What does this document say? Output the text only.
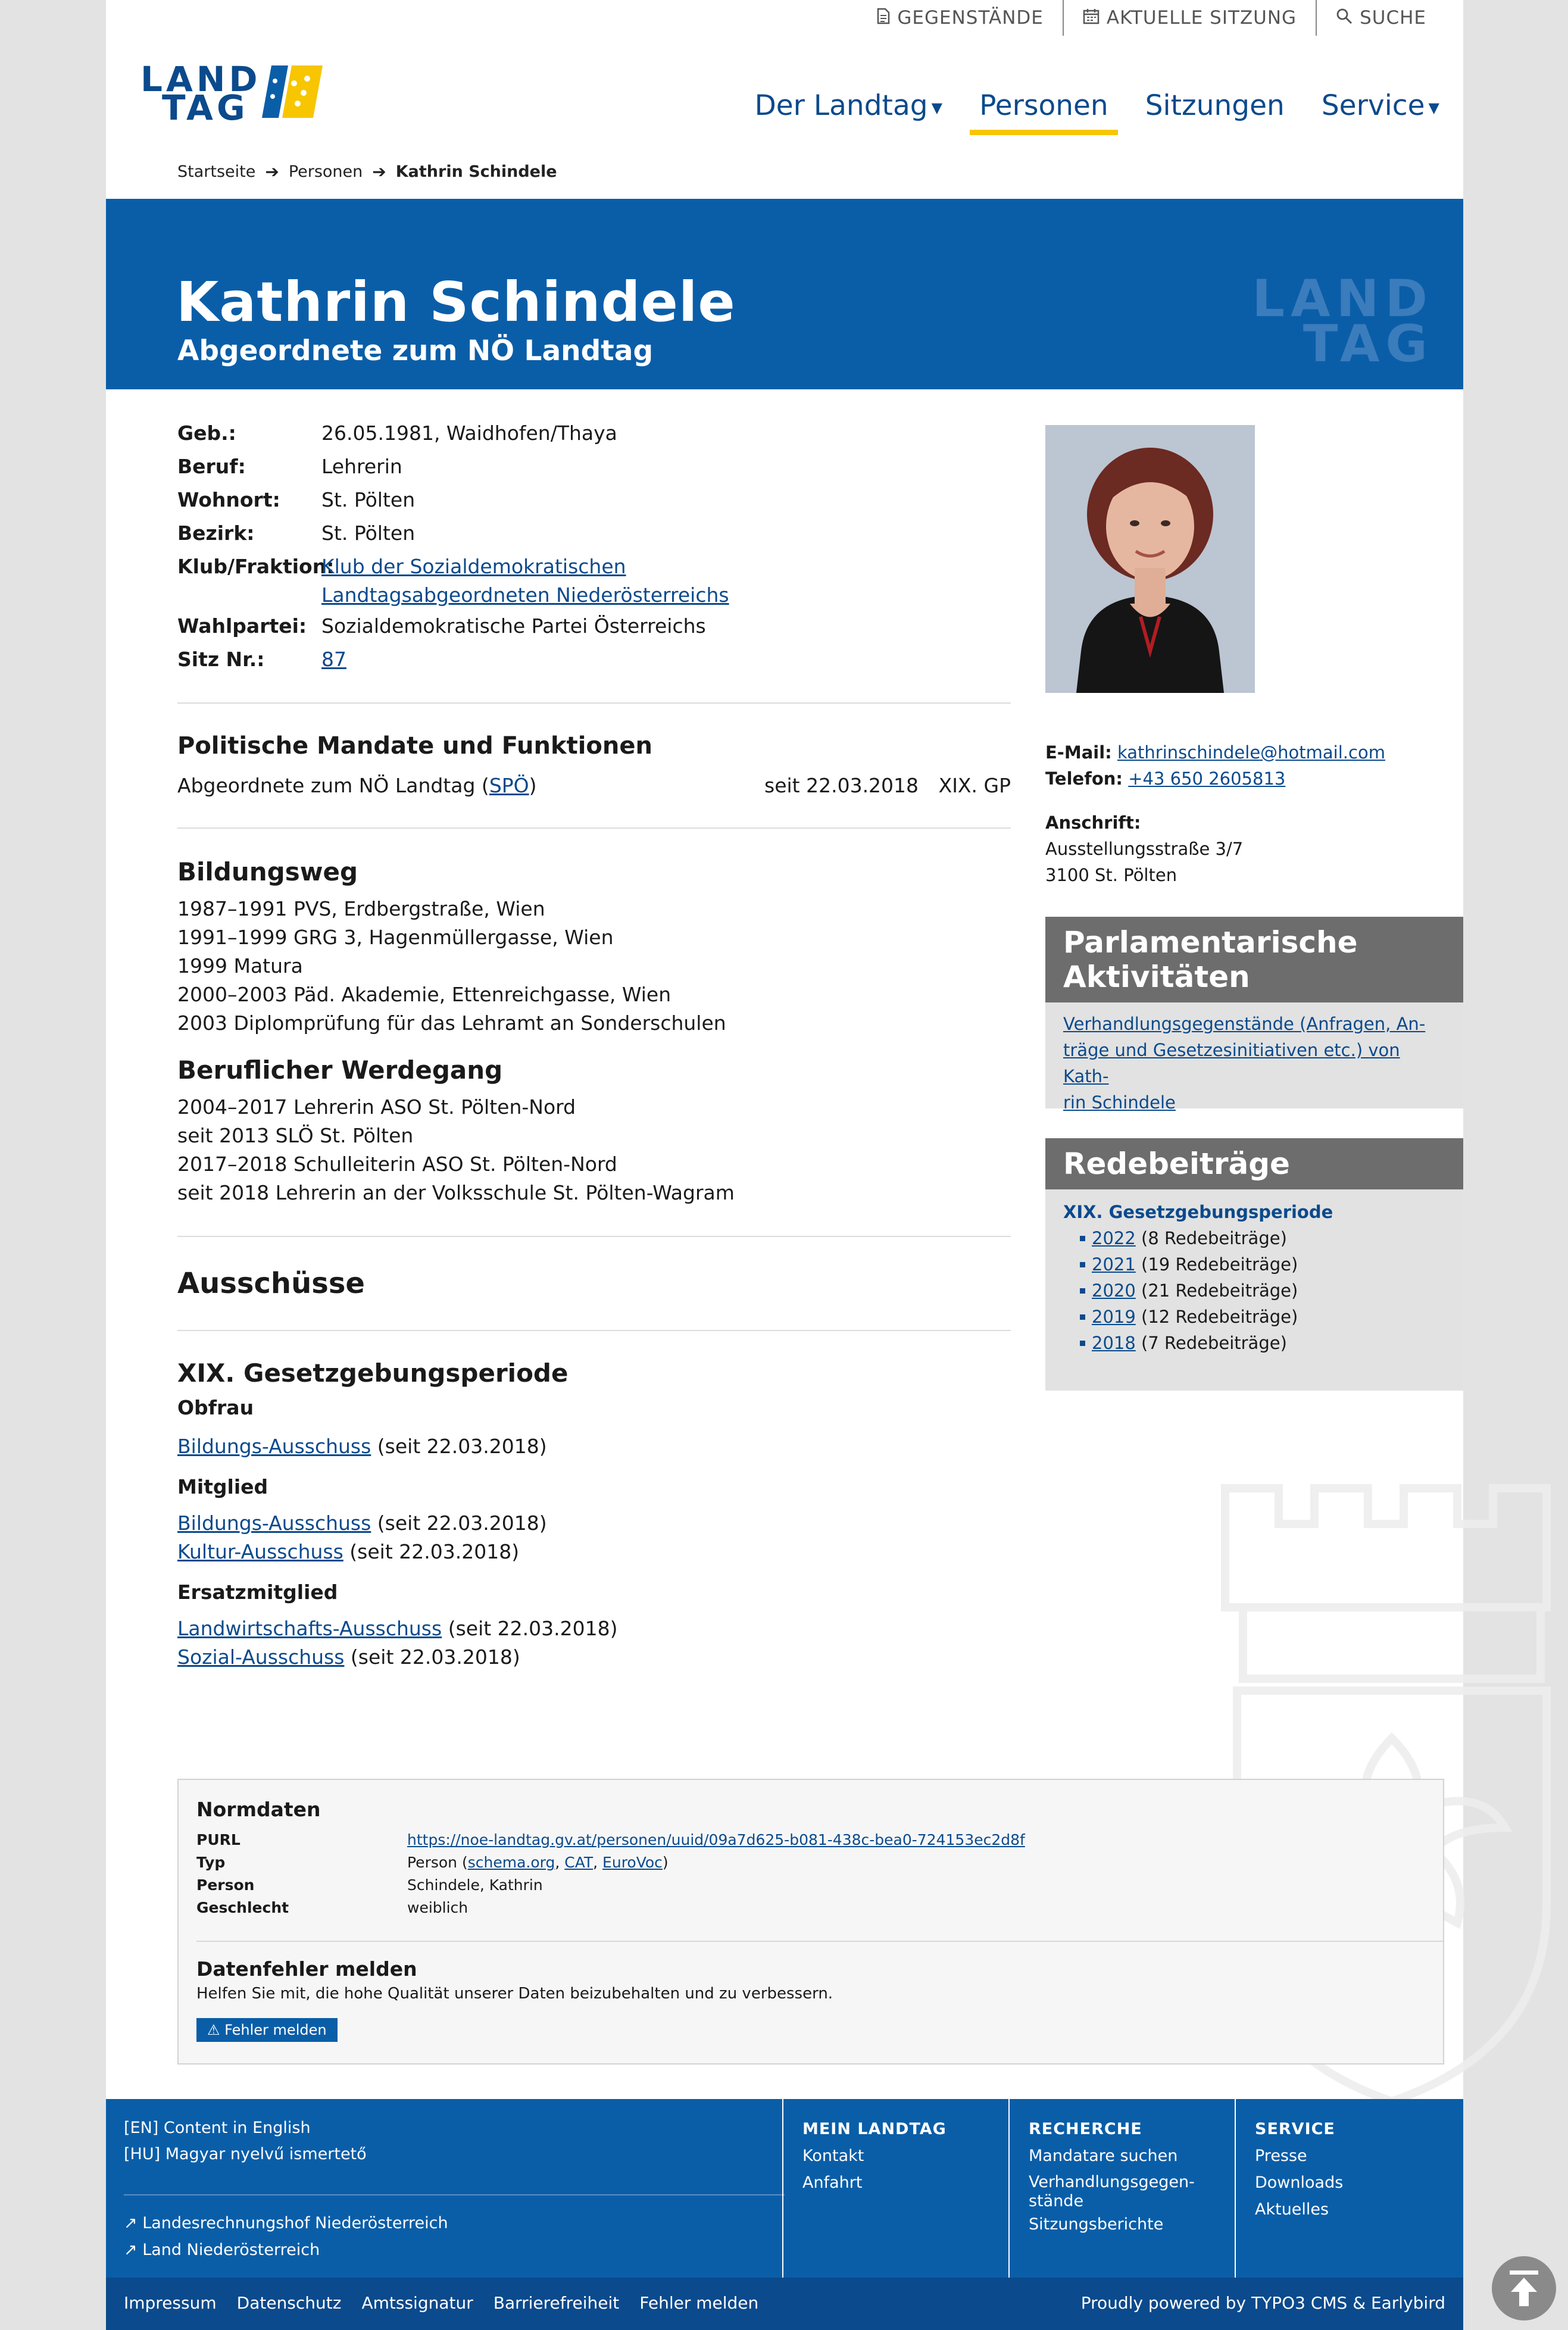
GEGENSTÄNDE	AKTUELLE SITZUNG	SUCHE
LAND
TAG	Der Landtag ▼ Personen Sitzungen Service ▼
Startseite ➔ Personen ➔ Kathrin Schindele
Kathrin Schindele
Abgeordnete zum NÖ Landtag
LAND
TAG
Geb.:	26.05.1981, Waidhofen/Thaya
Beruf:	Lehrerin
Wohnort:	St. Pölten
Bezirk:	St. Pölten
Klub/Fraktion:
Klub der Sozialdemokratischen Landtagsabgeordneten Niederösterreichs
Wahlpartei: Sozialdemokratische Partei Österreichs
Sitz Nr.:	87
Politische Mandate und Funktionen
Abgeordnete zum NÖ Landtag (SPÖ)	seit 22.03.2018 XIX. GP
Bildungsweg
1987–1991 PVS, Erdbergstraße, Wien
1991–1999 GRG 3, Hagenmüllergasse, Wien
1999 Matura
2000–2003 Päd. Akademie, Ettenreichgasse, Wien
2003 Diplomprüfung für das Lehramt an Sonderschulen
Beruflicher Werdegang
2004–2017 Lehrerin ASO St. Pölten-Nord
seit 2013 SLÖ St. Pölten
2017–2018 Schulleiterin ASO St. Pölten-Nord
seit 2018 Lehrerin an der Volksschule St. Pölten-Wagram
Ausschüsse
XIX. Gesetzgebungsperiode
Obfrau
Bildungs-Ausschuss (seit 22.03.2018)
Mitglied
Bildungs-Ausschuss (seit 22.03.2018)
Kultur-Ausschuss (seit 22.03.2018)
Ersatzmitglied
Landwirtschafts-Ausschuss (seit 22.03.2018)
Sozial-Ausschuss (seit 22.03.2018)
E-Mail: kathrinschindele@hotmail.com
Telefon: +43 650 2605813
Anschrift:
Ausstellungsstraße 3/7
3100 St. Pölten
Parlamentarische Aktivitäten
Verhandlungsgegenstände (Anfragen, An-
träge und Gesetzesinitiativen etc.) von Kath-
rin Schindele
Redebeiträge
XIX. Gesetzgebungsperiode
2022 (8 Redebeiträge)
2021 (19 Redebeiträge)
2020 (21 Redebeiträge)
2019 (12 Redebeiträge)
2018 (7 Redebeiträge)
Normdaten
PURL	https://noe-landtag.gv.at/personen/uuid/09a7d625-b081-438c-bea0-724153ec2d8f
Typ	Person (schema.org, CAT, EuroVoc)
Person	Schindele, Kathrin
Geschlecht	weiblich
Datenfehler melden
Helfen Sie mit, die hohe Qualität unserer Daten beizubehalten und zu verbessern.
⚠ Fehler melden
[EN] Content in English
[HU] Magyar nyelvű ismertető
↗ Landesrechnungshof Niederösterreich
↗ Land Niederösterreich
MEIN LANDTAG
Kontakt
Anfahrt
RECHERCHE
Mandatare suchen
Verhandlungsgegen-
stände
Sitzungsberichte
SERVICE
Presse
Downloads
Aktuelles
Impressum Datenschutz Amtssignatur Barrierefreiheit Fehler melden	Proudly powered by TYPO3 CMS & Earlybird
